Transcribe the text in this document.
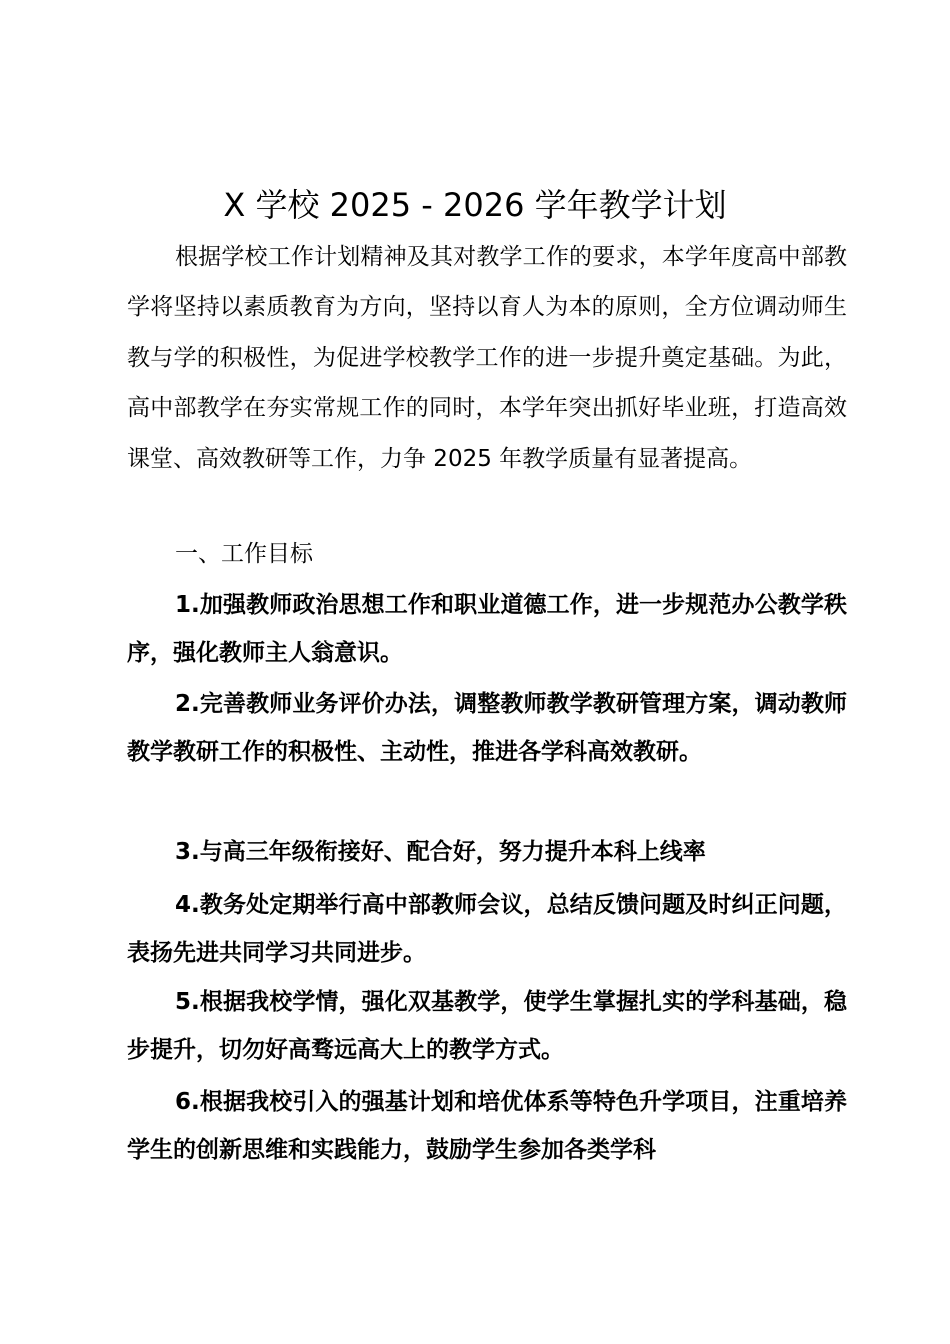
X 学校 2025 - 2026 学年教学计划

根据学校工作计划精神及其对教学工作的要求，本学年度高中部教学将坚持以素质教育为方向，坚持以育人为本的原则，全方位调动师生教与学的积极性，为促进学校教学工作的进一步提升奠定基础。为此，高中部教学在夯实常规工作的同时，本学年突出抓好毕业班，打造高效课堂、高效教研等工作，力争 2025 年教学质量有显著提高。

一、工作目标

1.加强教师政治思想工作和职业道德工作，进一步规范办公教学秩序，强化教师主人翁意识。

2.完善教师业务评价办法，调整教师教学教研管理方案，调动教师教学教研工作的积极性、主动性，推进各学科高效教研。

3.与高三年级衔接好、配合好，努力提升本科上线率

4.教务处定期举行高中部教师会议，总结反馈问题及时纠正问题，表扬先进共同学习共同进步。

5.根据我校学情，强化双基教学，使学生掌握扎实的学科基础，稳步提升，切勿好高骛远高大上的教学方式。

6.根据我校引入的强基计划和培优体系等特色升学项目，注重培养学生的创新思维和实践能力，鼓励学生参加各类学科
